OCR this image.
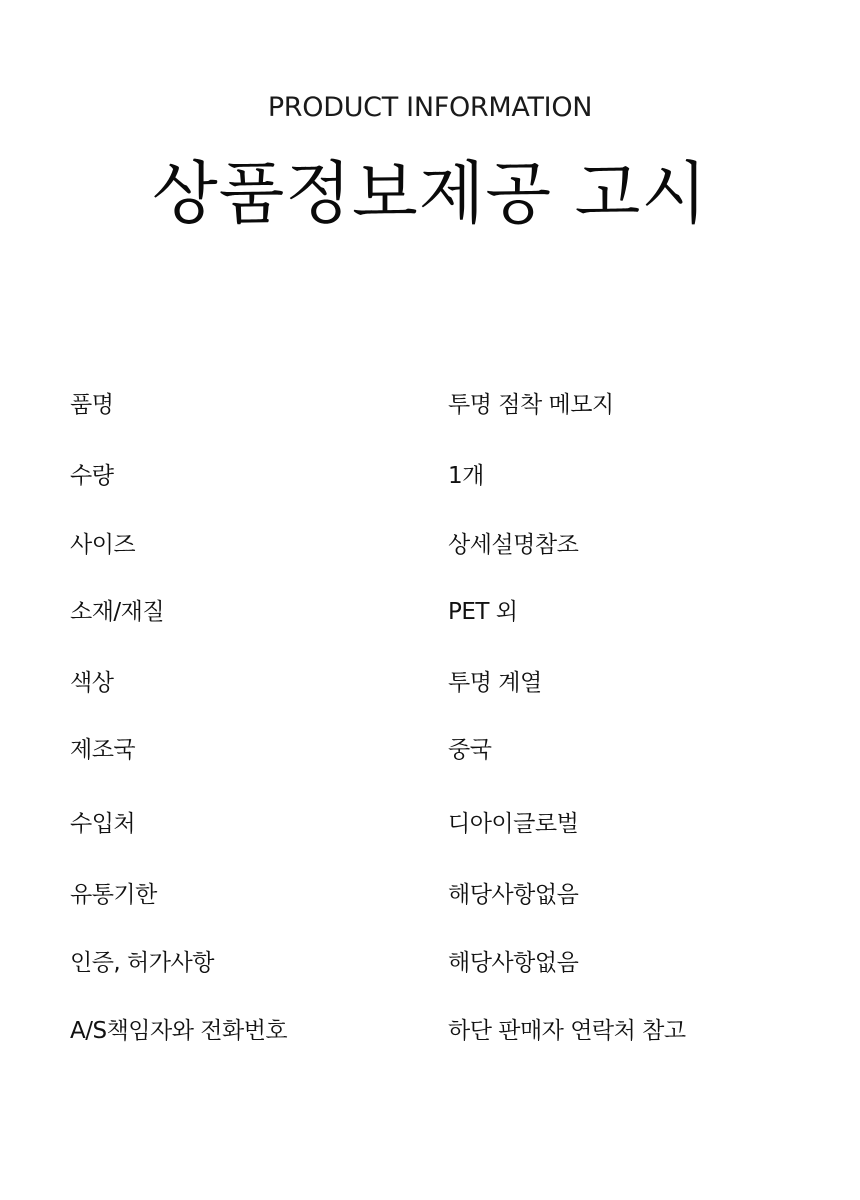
PRODUCT INFORMATION
상품정보제공 고시
품명	투명 점착 메모지
수량	1개
사이즈	상세설명참조
소재/재질	PET 외
색상	투명 계열
제조국	중국
수입처	디아이글로벌
유통기한	해당사항없음
인증, 허가사항	해당사항없음
A/S책임자와 전화번호	하단 판매자 연락처 참고
